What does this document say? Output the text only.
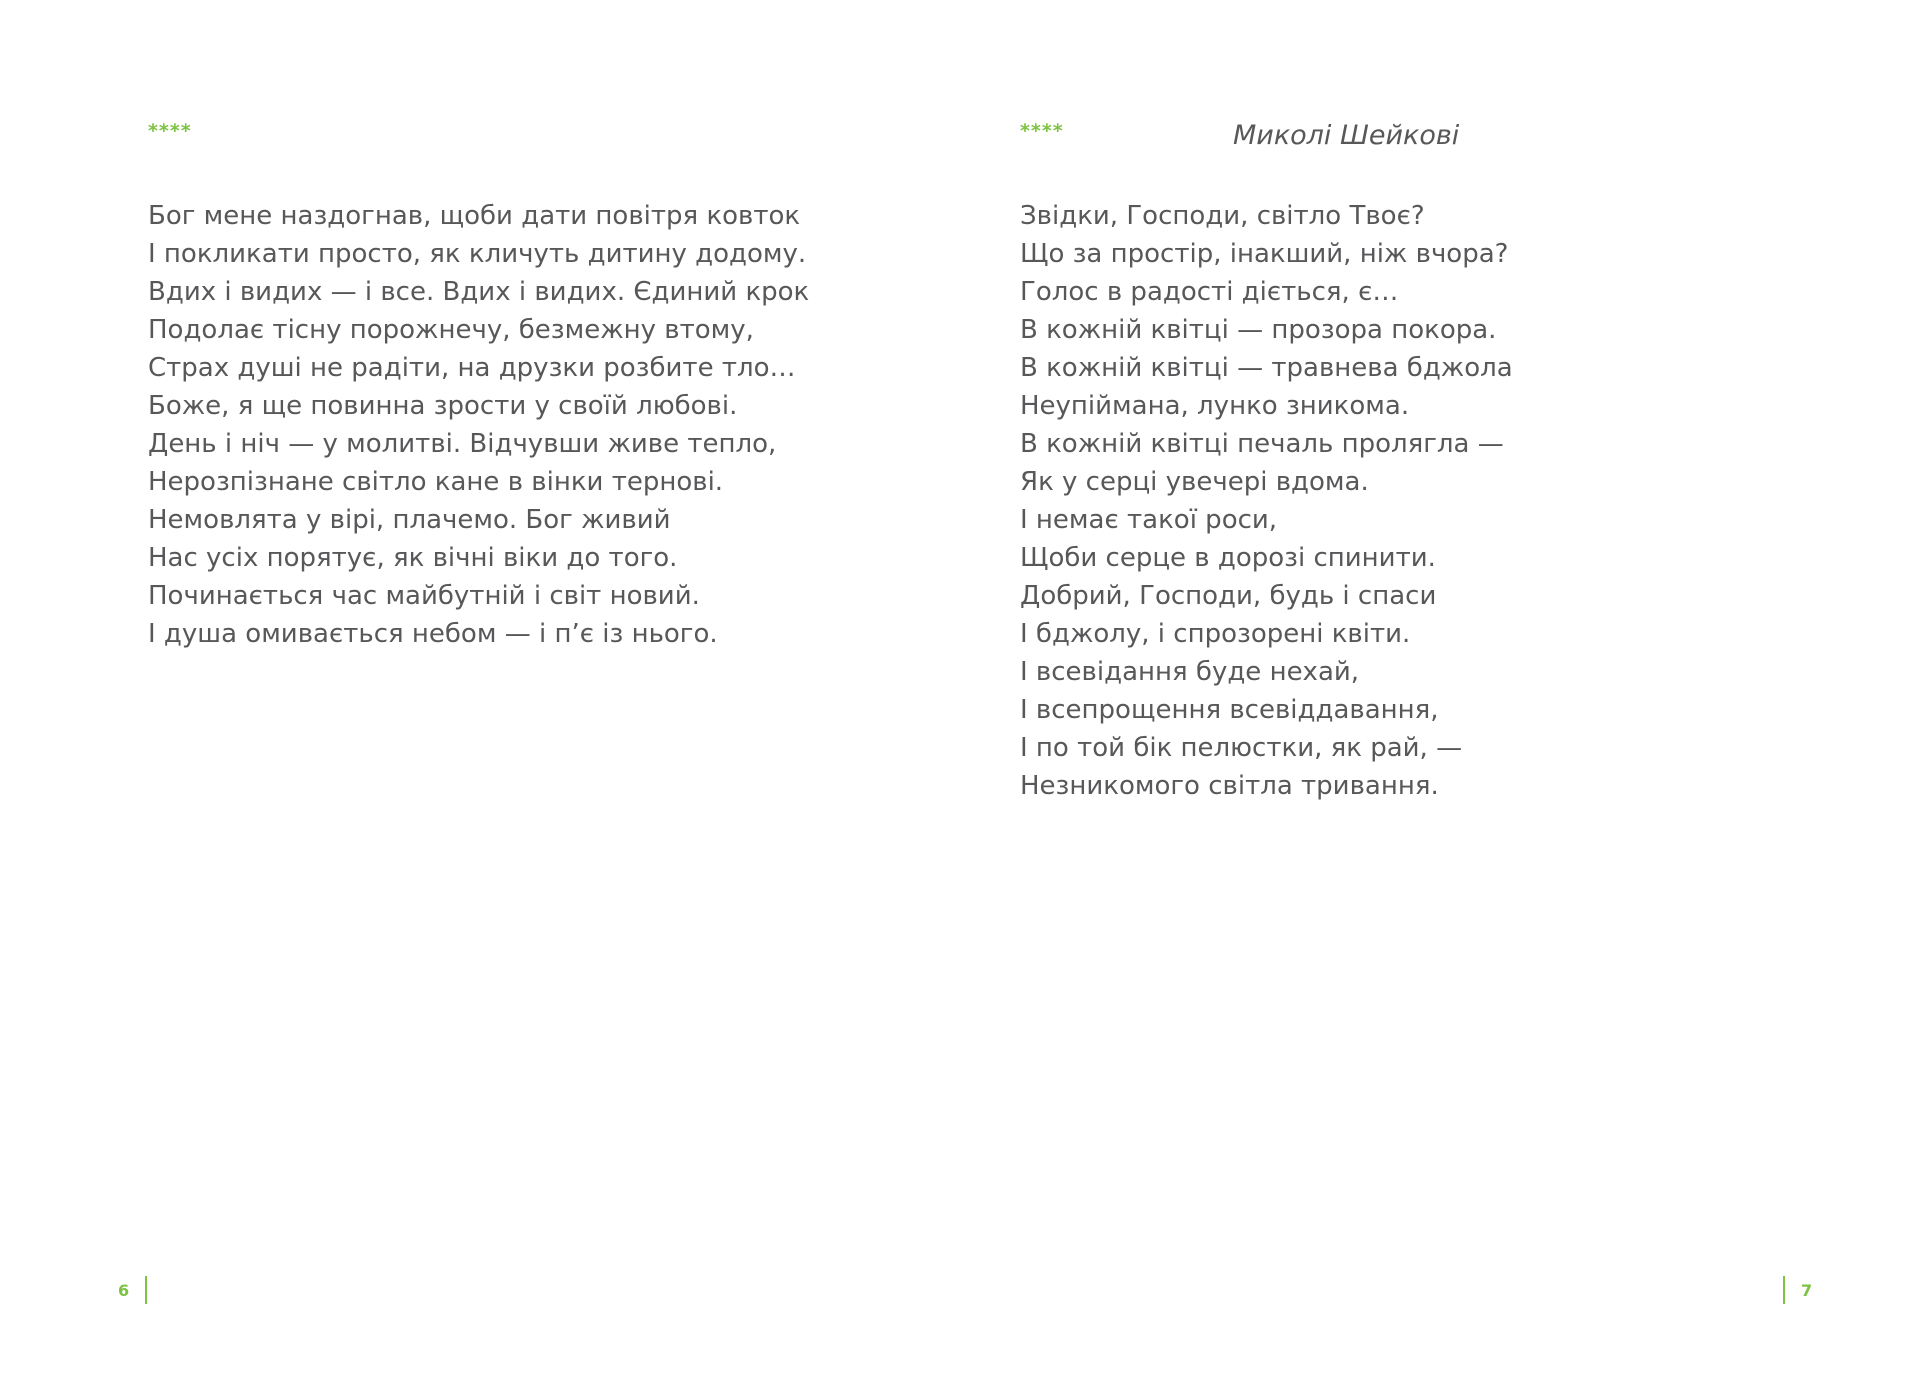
****
Бог мене наздогнав, щоби дати повітря ковток
І покликати просто, як кличуть дитину додому.
Вдих і видих — і все. Вдих і видих. Єдиний крок
Подолає тісну порожнечу, безмежну втому,
Страх душі не радіти, на друзки розбите тло…
Боже, я ще повинна зрости у своїй любові.
День і ніч — у молитві. Відчувши живе тепло,
Нерозпізнане світло кане в вінки тернові.
Немовлята у вірі, плачемо. Бог живий
Нас усіх порятує, як вічні віки до того.
Починається час майбутній і світ новий.
І душа омивається небом — і п’є із нього.
6
****	Миколі Шейкові
Звідки, Господи, світло Твоє?
Що за простір, інакший, ніж вчора?
Голос в радості діється, є…
В кожній квітці — прозора покора.
В кожній квітці — травнева бджола
Неупіймана, лунко зникома.
В кожній квітці печаль пролягла —
Як у серці увечері вдома.
І немає такої роси,
Щоби серце в дорозі спинити.
Добрий, Господи, будь і спаси
І бджолу, і спрозорені квіти.
І всевідання буде нехай,
І всепрощення всевіддавання,
І по той бік пелюстки, як рай, —
Незникомого світла тривання.
7
